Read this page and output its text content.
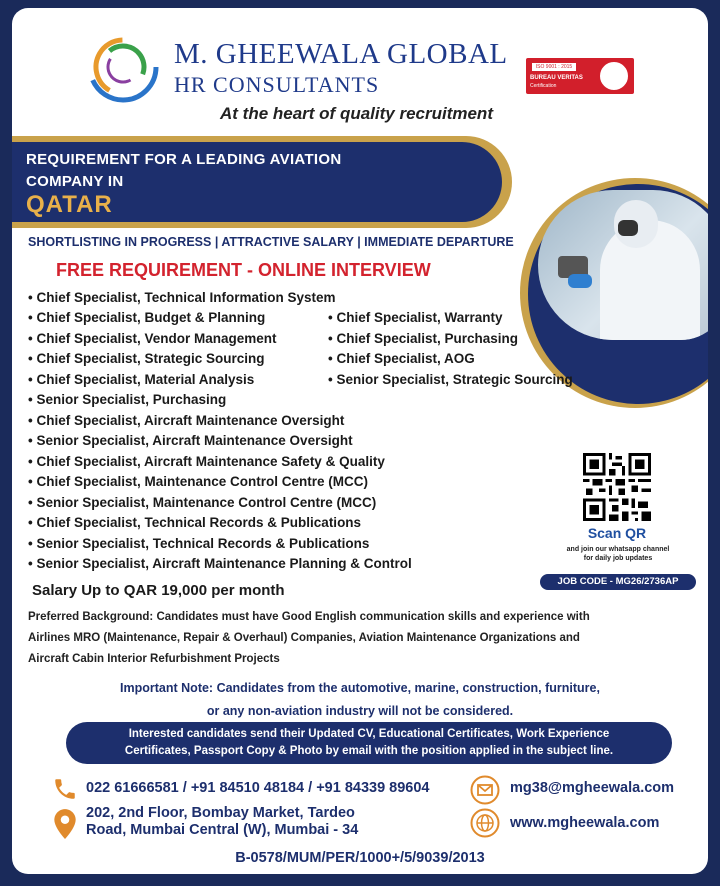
M. GHEEWALA GLOBAL
HR CONSULTANTS
At the heart of quality recruitment
ISO 9001 : 2015
BUREAU VERITAS
Certification
REQUIREMENT FOR A LEADING AVIATION
COMPANY IN
QATAR
SHORTLISTING IN PROGRESS | ATTRACTIVE SALARY | IMMEDIATE DEPARTURE
FREE REQUIREMENT - ONLINE INTERVIEW
• Chief Specialist, Technical Information System
• Chief Specialist, Budget & Planning
• Chief Specialist, Vendor Management
• Chief Specialist, Strategic Sourcing
• Chief Specialist, Material Analysis
• Senior Specialist, Purchasing
• Chief Specialist, Aircraft Maintenance Oversight
• Senior Specialist, Aircraft Maintenance Oversight
• Chief Specialist, Aircraft Maintenance Safety & Quality
• Chief Specialist, Maintenance Control Centre (MCC)
• Senior Specialist, Maintenance Control Centre (MCC)
• Chief Specialist, Technical Records & Publications
• Senior Specialist, Technical Records & Publications
• Senior Specialist, Aircraft Maintenance Planning & Control
• Chief Specialist, Warranty
• Chief Specialist, Purchasing
• Chief Specialist, AOG
• Senior Specialist, Strategic Sourcing
Scan QR
and join our whatsapp channel
for daily job updates
JOB CODE - MG26/2736AP
Salary Up to QAR 19,000 per month
Preferred Background: Candidates must have Good English communication skills and experience with
Airlines MRO (Maintenance, Repair & Overhaul) Companies, Aviation Maintenance Organizations and
Aircraft Cabin Interior Refurbishment Projects
Important Note: Candidates from the automotive, marine, construction, furniture,
or any non-aviation industry will not be considered.
Interested candidates send their Updated CV, Educational Certificates, Work Experience
Certificates, Passport Copy & Photo by email with the position applied in the subject line.
022 61666581 / +91 84510 48184 / +91 84339 89604
202, 2nd Floor, Bombay Market, Tardeo
Road, Mumbai Central (W), Mumbai - 34
mg38@mgheewala.com
www.mgheewala.com
B-0578/MUM/PER/1000+/5/9039/2013
